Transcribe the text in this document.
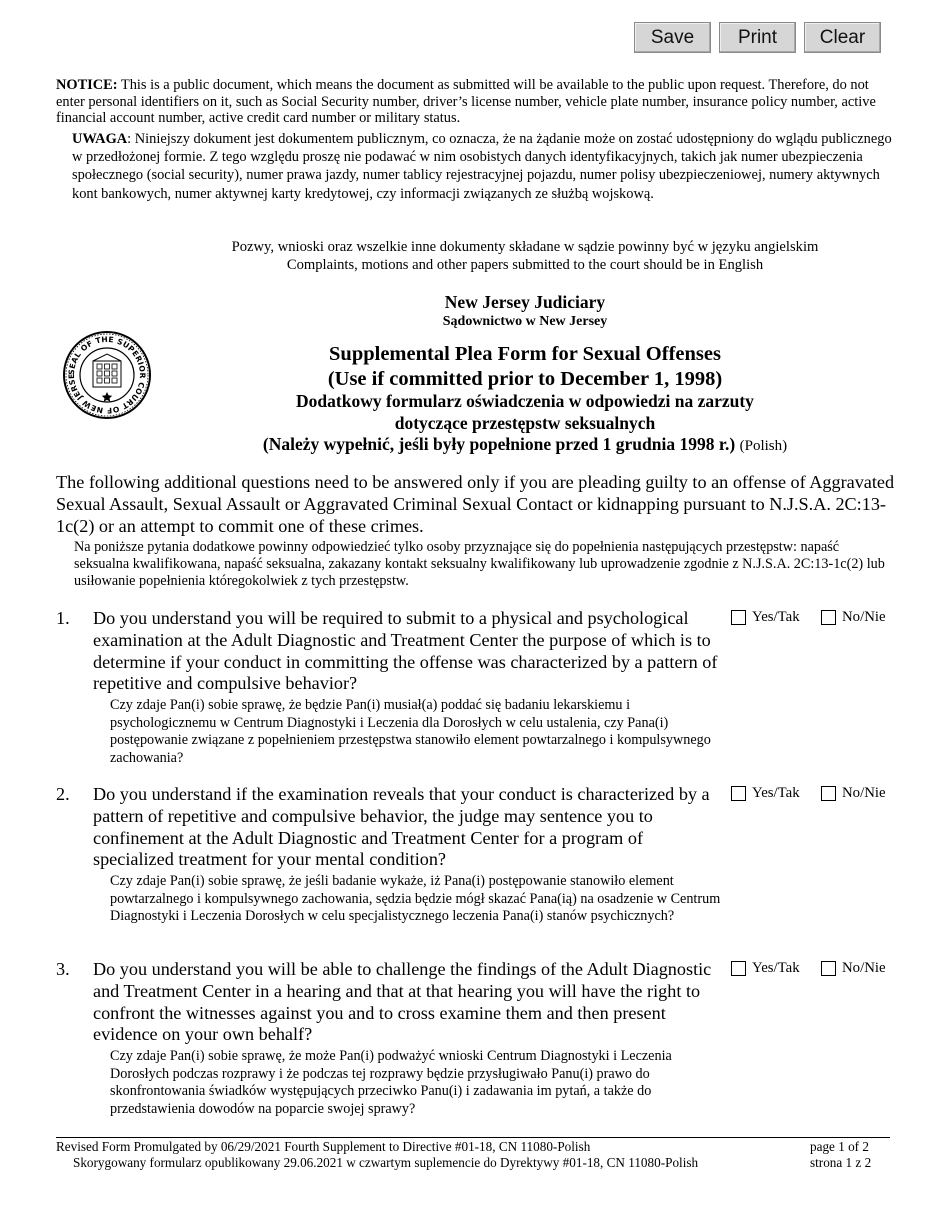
Save	Print	Clear
NOTICE: This is a public document, which means the document as submitted will be available to the public upon request. Therefore, do not enter personal identifiers on it, such as Social Security number, driver’s license number, vehicle plate number, insurance policy number, active financial account number, active credit card number or military status.
UWAGA: Niniejszy dokument jest dokumentem publicznym, co oznacza, że na żądanie może on zostać udostępniony do wglądu publicznego w przedłożonej formie. Z tego względu proszę nie podawać w nim osobistych danych identyfikacyjnych, takich jak numer ubezpieczenia społecznego (social security), numer prawa jazdy, numer tablicy rejestracyjnej pojazdu, numer polisy ubezpieczeniowej, numery aktywnych kont bankowych, numer aktywnej karty kredytowej, czy informacji związanych ze służbą wojskową.
Pozwy, wnioski oraz wszelkie inne dokumenty składane w sądzie powinny być w języku angielskim
Complaints, motions and other papers submitted to the court should be in English
New Jersey Judiciary
Sądownictwo w New Jersey
SEAL OF THE SUPERIOR COURT OF NEW JERSE
Supplemental Plea Form for Sexual Offenses
(Use if committed prior to December 1, 1998)
Dodatkowy formularz oświadczenia w odpowiedzi na zarzuty
dotyczące przestępstw seksualnych
(Należy wypełnić, jeśli były popełnione przed 1 grudnia 1998 r.) (Polish)
The following additional questions need to be answered only if you are pleading guilty to an offense of Aggravated Sexual Assault, Sexual Assault or Aggravated Criminal Sexual Contact or kidnapping pursuant to N.J.S.A. 2C:13-1c(2) or an attempt to commit one of these crimes.
Na poniższe pytania dodatkowe powinny odpowiedzieć tylko osoby przyznające się do popełnienia następujących przestępstw: napaść seksualna kwalifikowana, napaść seksualna, zakazany kontakt seksualny kwalifikowany lub uprowadzenie zgodnie z N.J.S.A. 2C:13-1c(2) lub usiłowanie popełnienia któregokolwiek z tych przestępstw.
1. Do you understand you will be required to submit to a physical and psychological examination at the Adult Diagnostic and Treatment Center the purpose of which is to determine if your conduct in committing the offense was characterized by a pattern of repetitive and compulsive behavior?
Czy zdaje Pan(i) sobie sprawę, że będzie Pan(i) musiał(a) poddać się badaniu lekarskiemu i psychologicznemu w Centrum Diagnostyki i Leczenia dla Dorosłych w celu ustalenia, czy Pana(i) postępowanie związane z popełnieniem przestępstwa stanowiło element powtarzalnego i kompulsywnego zachowania?
Yes/Tak	No/Nie
2. Do you understand if the examination reveals that your conduct is characterized by a pattern of repetitive and compulsive behavior, the judge may sentence you to confinement at the Adult Diagnostic and Treatment Center for a program of specialized treatment for your mental condition?
Czy zdaje Pan(i) sobie sprawę, że jeśli badanie wykaże, iż Pana(i) postępowanie stanowiło element powtarzalnego i kompulsywnego zachowania, sędzia będzie mógł skazać Pana(ią) na osadzenie w Centrum Diagnostyki i Leczenia Dorosłych w celu specjalistycznego leczenia Pana(i) stanów psychicznych?
Yes/Tak	No/Nie
3. Do you understand you will be able to challenge the findings of the Adult Diagnostic and Treatment Center in a hearing and that at that hearing you will have the right to confront the witnesses against you and to cross examine them and then present evidence on your own behalf?
Czy zdaje Pan(i) sobie sprawę, że może Pan(i) podważyć wnioski Centrum Diagnostyki i Leczenia Dorosłych podczas rozprawy i że podczas tej rozprawy będzie przysługiwało Panu(i) prawo do skonfrontowania świadków występujących przeciwko Panu(i) i zadawania im pytań, a także do przedstawienia dowodów na poparcie swojej sprawy?
Yes/Tak	No/Nie
Revised Form Promulgated by 06/29/2021 Fourth Supplement to Directive #01-18, CN 11080-Polish
Skorygowany formularz opublikowany 29.06.2021 w czwartym suplemencie do Dyrektywy #01-18, CN 11080-Polish
page 1 of 2
strona 1 z 2
